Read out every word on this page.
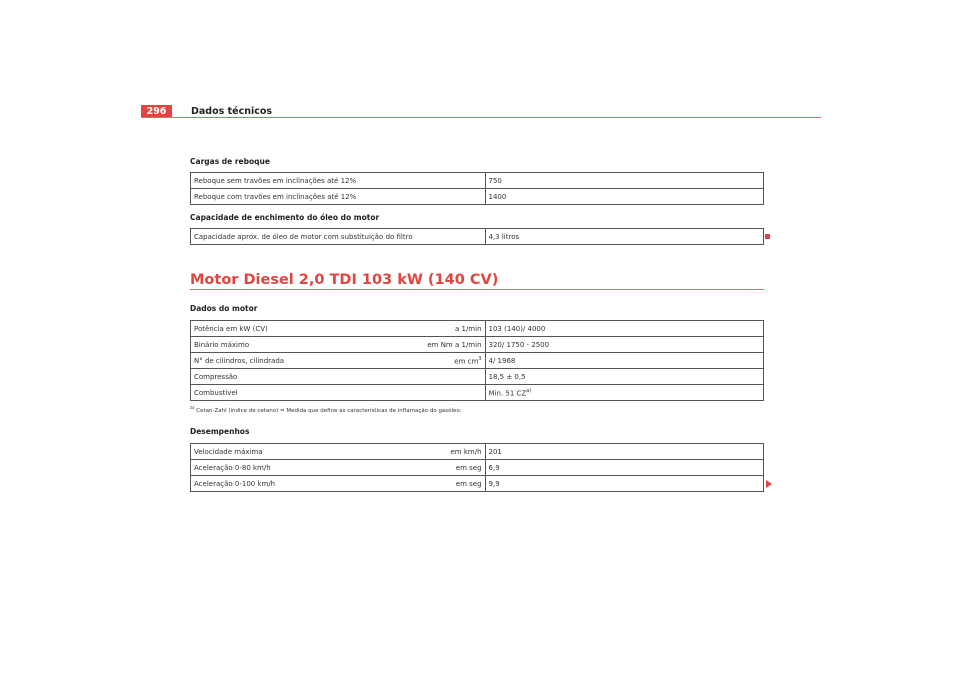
296	Dados técnicos
Cargas de reboque
Reboque sem travões em inclinações até 12%	750
Reboque com travões em inclinações até 12%	1400
Capacidade de enchimento do óleo do motor
Capacidade aprox. de óleo de motor com substituição do filtro	4,3 litros
Motor Diesel 2,0 TDI 103 kW (140 CV)
Dados do motor
Potência em kW (CV)	a 1/min	103 (140)/ 4000
Binário máximo	em Nm a 1/min	320/ 1750 - 2500
N° de cilindros, cilindrada	em $cm^3$	4/ 1968
Compressão		18,5 ± 0,5
Combustível		Min. 51 CZ$^{a)}$
$^{a)}$ Cetan-Zahl (índice de cetano) = Medida que define as características de inflamação do gasóleo.
Desempenhos
Velocidade máxima	em km/h	201
Aceleração 0-80 km/h	em seg	6,9
Aceleração 0-100 km/h	em seg	9,9
